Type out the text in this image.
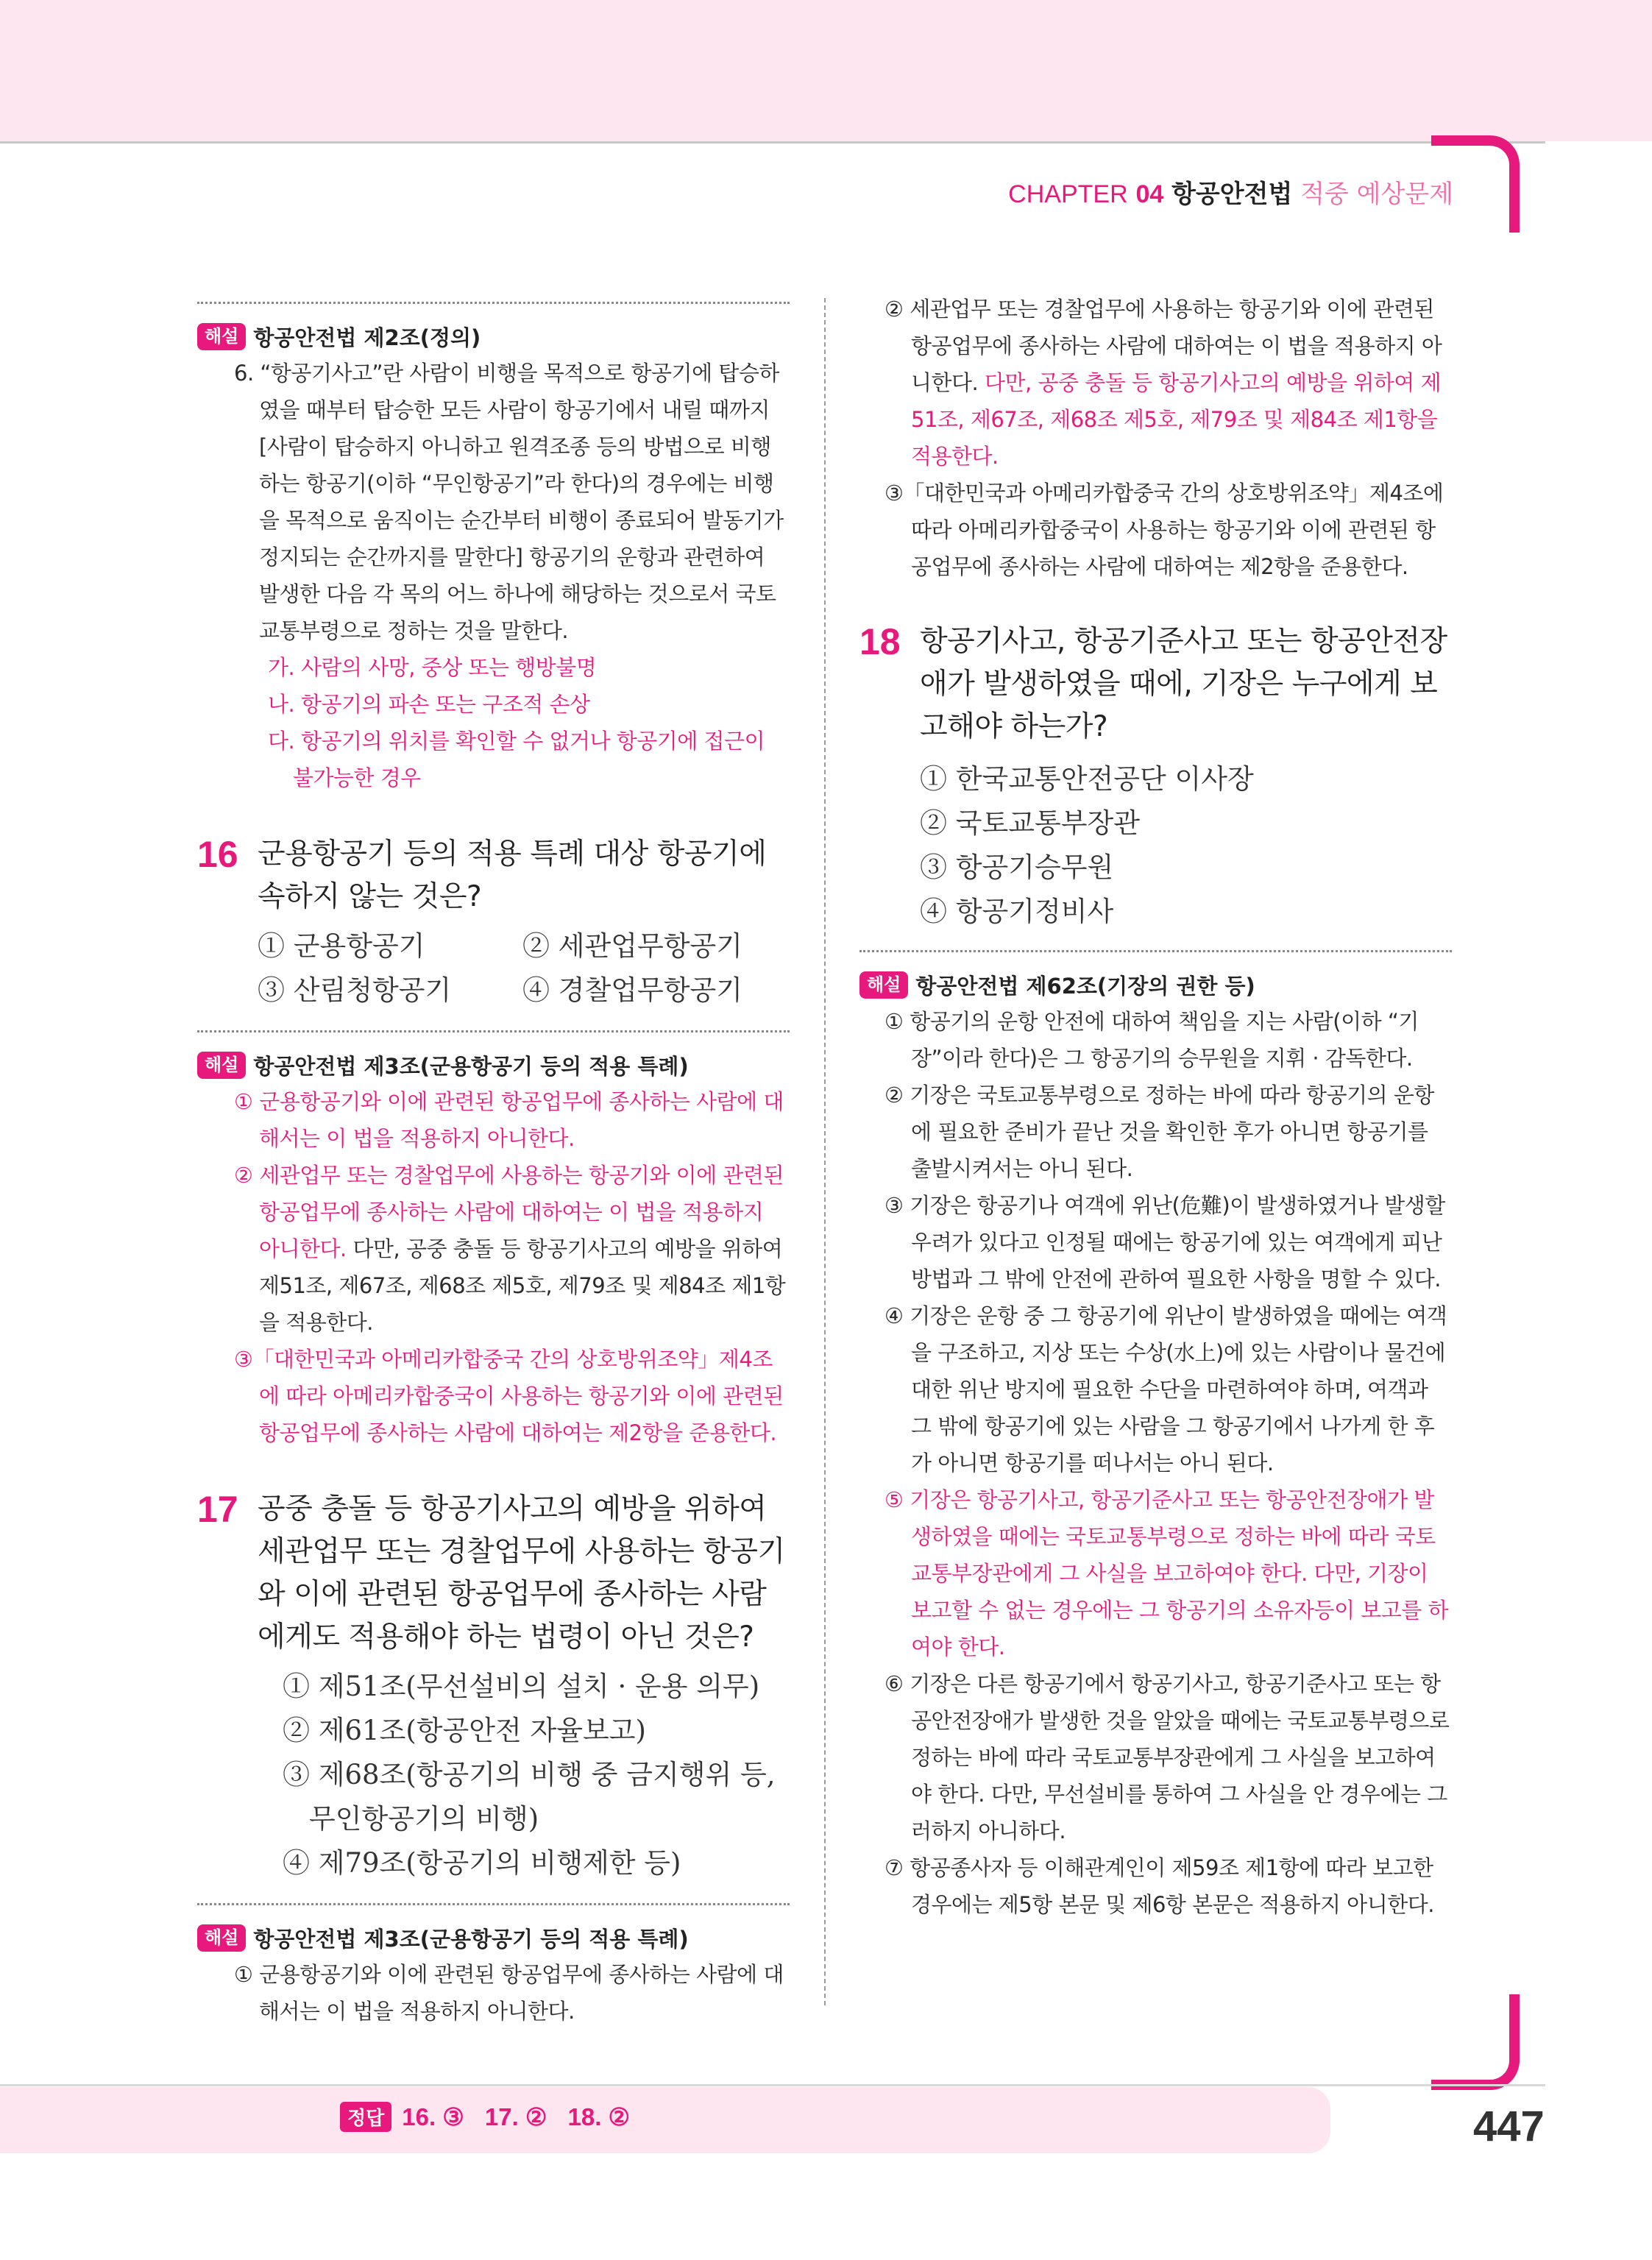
CHAPTER 04 항공안전법 적중 예상문제
해설 항공안전법 제2조(정의)
6. “항공기사고”란 사람이 비행을 목적으로 항공기에 탑승하였을 때부터 탑승한 모든 사람이 항공기에서 내릴 때까지[사람이 탑승하지 아니하고 원격조종 등의 방법으로 비행하는 항공기(이하 “무인항공기”라 한다)의 경우에는 비행을 목적으로 움직이는 순간부터 비행이 종료되어 발동기가 정지되는 순간까지를 말한다] 항공기의 운항과 관련하여 발생한 다음 각 목의 어느 하나에 해당하는 것으로서 국토교통부령으로 정하는 것을 말한다.
가. 사람의 사망, 중상 또는 행방불명
나. 항공기의 파손 또는 구조적 손상
다. 항공기의 위치를 확인할 수 없거나 항공기에 접근이 불가능한 경우
16 군용항공기 등의 적용 특례 대상 항공기에 속하지 않는 것은?
① 군용항공기	② 세관업무항공기
③ 산림청항공기	④ 경찰업무항공기
해설 항공안전법 제3조(군용항공기 등의 적용 특례)
① 군용항공기와 이에 관련된 항공업무에 종사하는 사람에 대해서는 이 법을 적용하지 아니한다.
② 세관업무 또는 경찰업무에 사용하는 항공기와 이에 관련된 항공업무에 종사하는 사람에 대하여는 이 법을 적용하지 아니한다. 다만, 공중 충돌 등 항공기사고의 예방을 위하여 제51조, 제67조, 제68조 제5호, 제79조 및 제84조 제1항을 적용한다.
③「대한민국과 아메리카합중국 간의 상호방위조약」제4조에 따라 아메리카합중국이 사용하는 항공기와 이에 관련된 항공업무에 종사하는 사람에 대하여는 제2항을 준용한다.
17 공중 충돌 등 항공기사고의 예방을 위하여 세관업무 또는 경찰업무에 사용하는 항공기와 이에 관련된 항공업무에 종사하는 사람에게도 적용해야 하는 법령이 아닌 것은?
① 제51조(무선설비의 설치 · 운용 의무)
② 제61조(항공안전 자율보고)
③ 제68조(항공기의 비행 중 금지행위 등, 무인항공기의 비행)
④ 제79조(항공기의 비행제한 등)
해설 항공안전법 제3조(군용항공기 등의 적용 특례)
① 군용항공기와 이에 관련된 항공업무에 종사하는 사람에 대해서는 이 법을 적용하지 아니한다.
② 세관업무 또는 경찰업무에 사용하는 항공기와 이에 관련된 항공업무에 종사하는 사람에 대하여는 이 법을 적용하지 아니한다. 다만, 공중 충돌 등 항공기사고의 예방을 위하여 제51조, 제67조, 제68조 제5호, 제79조 및 제84조 제1항을 적용한다.
③「대한민국과 아메리카합중국 간의 상호방위조약」제4조에 따라 아메리카합중국이 사용하는 항공기와 이에 관련된 항공업무에 종사하는 사람에 대하여는 제2항을 준용한다.
18 항공기사고, 항공기준사고 또는 항공안전장애가 발생하였을 때에, 기장은 누구에게 보고해야 하는가?
① 한국교통안전공단 이사장
② 국토교통부장관
③ 항공기승무원
④ 항공기정비사
해설 항공안전법 제62조(기장의 권한 등)
① 항공기의 운항 안전에 대하여 책임을 지는 사람(이하 “기장”이라 한다)은 그 항공기의 승무원을 지휘 · 감독한다.
② 기장은 국토교통부령으로 정하는 바에 따라 항공기의 운항에 필요한 준비가 끝난 것을 확인한 후가 아니면 항공기를 출발시켜서는 아니 된다.
③ 기장은 항공기나 여객에 위난(危難)이 발생하였거나 발생할 우려가 있다고 인정될 때에는 항공기에 있는 여객에게 피난방법과 그 밖에 안전에 관하여 필요한 사항을 명할 수 있다.
④ 기장은 운항 중 그 항공기에 위난이 발생하였을 때에는 여객을 구조하고, 지상 또는 수상(水上)에 있는 사람이나 물건에 대한 위난 방지에 필요한 수단을 마련하여야 하며, 여객과 그 밖에 항공기에 있는 사람을 그 항공기에서 나가게 한 후가 아니면 항공기를 떠나서는 아니 된다.
⑤ 기장은 항공기사고, 항공기준사고 또는 항공안전장애가 발생하였을 때에는 국토교통부령으로 정하는 바에 따라 국토교통부장관에게 그 사실을 보고하여야 한다. 다만, 기장이 보고할 수 없는 경우에는 그 항공기의 소유자등이 보고를 하여야 한다.
⑥ 기장은 다른 항공기에서 항공기사고, 항공기준사고 또는 항공안전장애가 발생한 것을 알았을 때에는 국토교통부령으로 정하는 바에 따라 국토교통부장관에게 그 사실을 보고하여야 한다. 다만, 무선설비를 통하여 그 사실을 안 경우에는 그러하지 아니하다.
⑦ 항공종사자 등 이해관계인이 제59조 제1항에 따라 보고한 경우에는 제5항 본문 및 제6항 본문은 적용하지 아니한다.
정답 16. ③ 17. ② 18. ②	447
